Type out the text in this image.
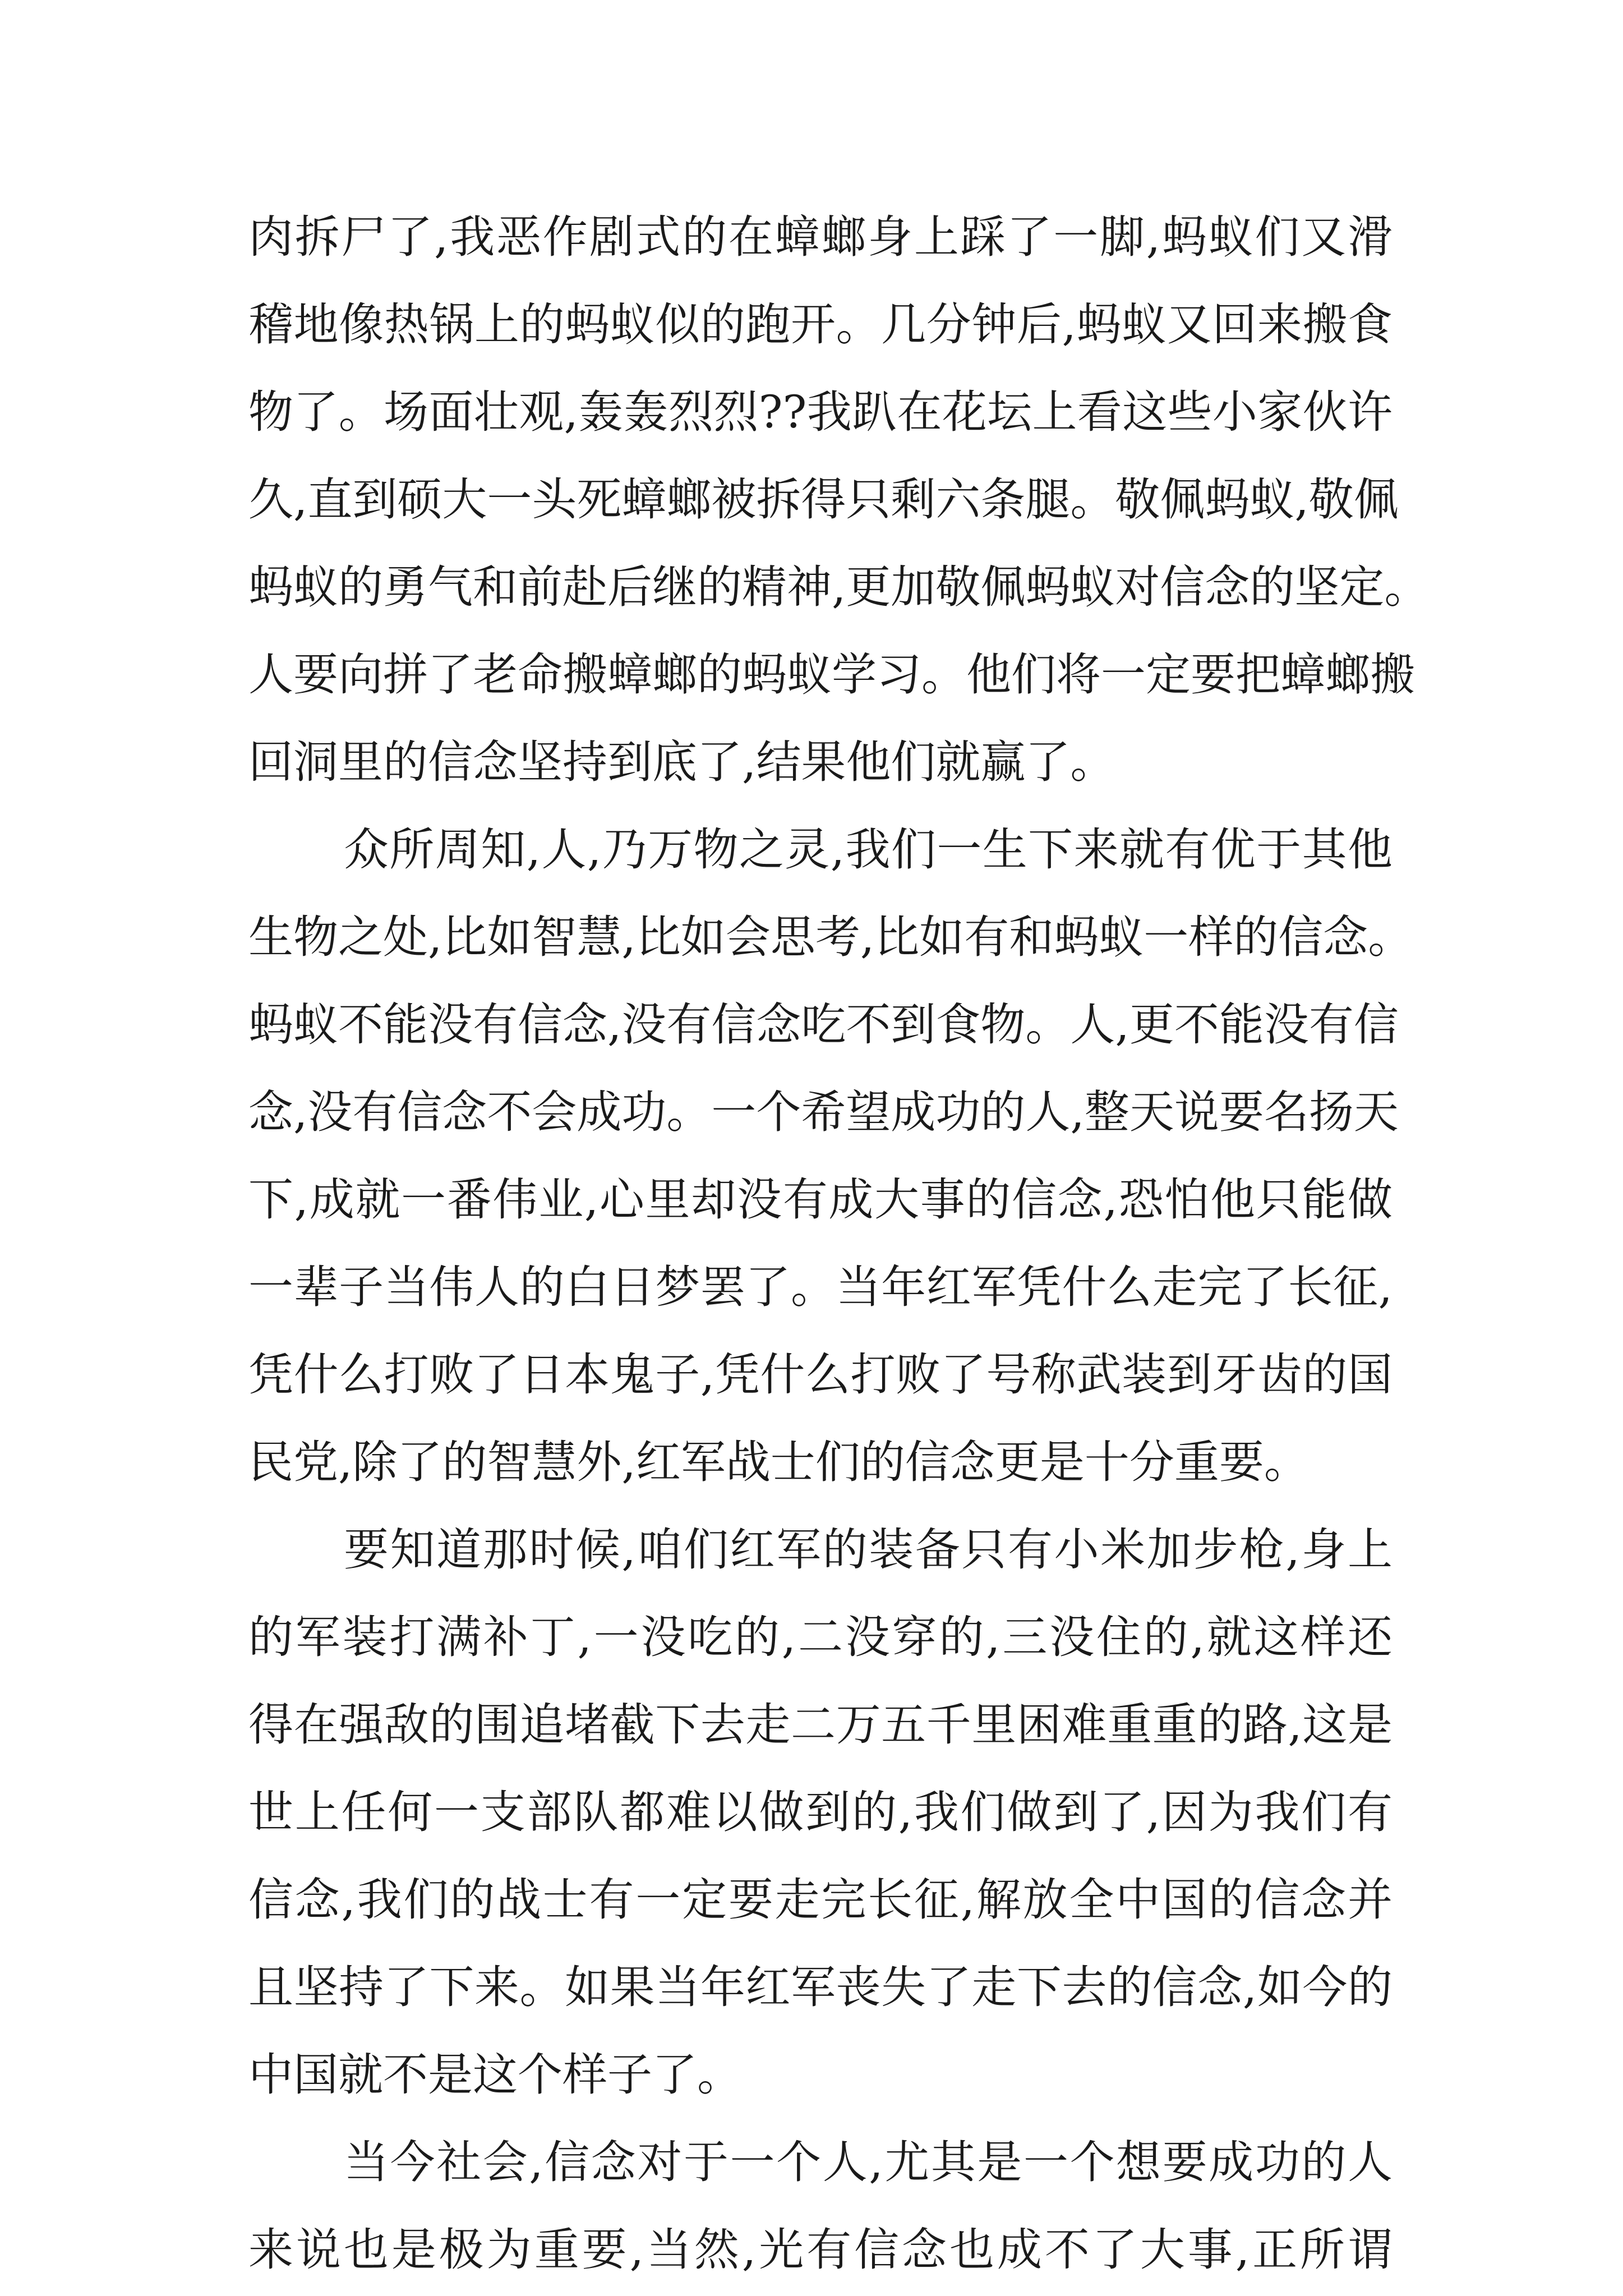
肉拆尸了,我恶作剧式的在蟑螂身上踩了一脚,蚂蚁们又滑
稽地像热锅上的蚂蚁似的跑开。几分钟后,蚂蚁又回来搬食
物了。场面壮观,轰轰烈烈??我趴在花坛上看这些小家伙许
久,直到硕大一头死蟑螂被拆得只剩六条腿。敬佩蚂蚁,敬佩
蚂蚁的勇气和前赴后继的精神,更加敬佩蚂蚁对信念的坚定。
人要向拼了老命搬蟑螂的蚂蚁学习。他们将一定要把蟑螂搬
回洞里的信念坚持到底了,结果他们就赢了。
众所周知,人,乃万物之灵,我们一生下来就有优于其他
生物之处,比如智慧,比如会思考,比如有和蚂蚁一样的信念。
蚂蚁不能没有信念,没有信念吃不到食物。人,更不能没有信
念,没有信念不会成功。一个希望成功的人,整天说要名扬天
下,成就一番伟业,心里却没有成大事的信念,恐怕他只能做
一辈子当伟人的白日梦罢了。当年红军凭什么走完了长征,
凭什么打败了日本鬼子,凭什么打败了号称武装到牙齿的国
民党,除了的智慧外,红军战士们的信念更是十分重要。
要知道那时候,咱们红军的装备只有小米加步枪,身上
的军装打满补丁,一没吃的,二没穿的,三没住的,就这样还
得在强敌的围追堵截下去走二万五千里困难重重的路,这是
世上任何一支部队都难以做到的,我们做到了,因为我们有
信念,我们的战士有一定要走完长征,解放全中国的信念并
且坚持了下来。如果当年红军丧失了走下去的信念,如今的
中国就不是这个样子了。
当今社会,信念对于一个人,尤其是一个想要成功的人
来说也是极为重要,当然,光有信念也成不了大事,正所谓
